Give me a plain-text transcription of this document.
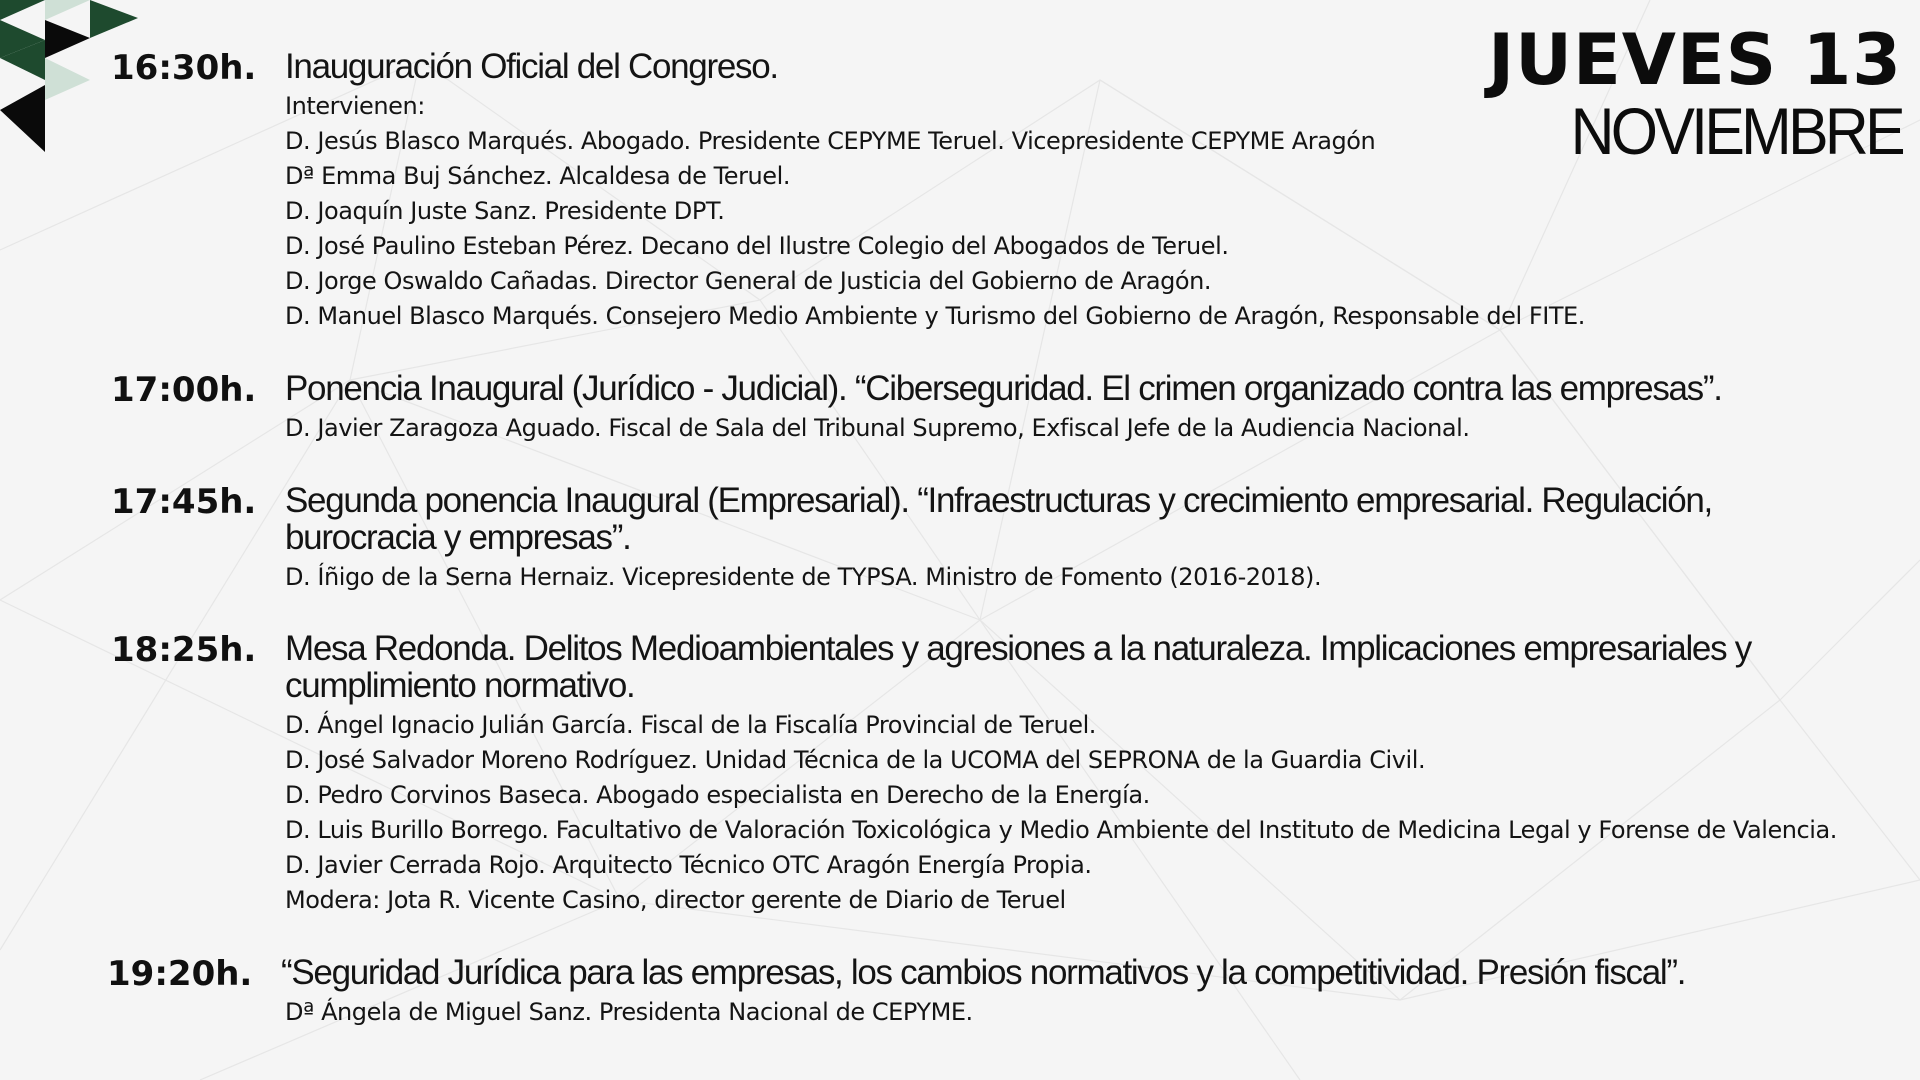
JUEVES 13
NOVIEMBRE
16:30h. Inauguración Oficial del Congreso.
Intervienen:
D. Jesús Blasco Marqués. Abogado. Presidente CEPYME Teruel. Vicepresidente CEPYME Aragón
Dª Emma Buj Sánchez. Alcaldesa de Teruel.
D. Joaquín Juste Sanz. Presidente DPT.
D. José Paulino Esteban Pérez. Decano del Ilustre Colegio del Abogados de Teruel.
D. Jorge Oswaldo Cañadas. Director General de Justicia del Gobierno de Aragón.
D. Manuel Blasco Marqués. Consejero Medio Ambiente y Turismo del Gobierno de Aragón, Responsable del FITE.
17:00h. Ponencia Inaugural (Jurídico - Judicial). “Ciberseguridad. El crimen organizado contra las empresas”.
D. Javier Zaragoza Aguado. Fiscal de Sala del Tribunal Supremo, Exfiscal Jefe de la Audiencia Nacional.
17:45h. Segunda ponencia Inaugural (Empresarial). “Infraestructuras y crecimiento empresarial. Regulación, burocracia y empresas”.
D. Íñigo de la Serna Hernaiz. Vicepresidente de TYPSA. Ministro de Fomento (2016-2018).
18:25h. Mesa Redonda. Delitos Medioambientales y agresiones a la naturaleza. Implicaciones empresariales y cumplimiento normativo.
D. Ángel Ignacio Julián García. Fiscal de la Fiscalía Provincial de Teruel.
D. José Salvador Moreno Rodríguez. Unidad Técnica de la UCOMA del SEPRONA de la Guardia Civil.
D. Pedro Corvinos Baseca. Abogado especialista en Derecho de la Energía.
D. Luis Burillo Borrego. Facultativo de Valoración Toxicológica y Medio Ambiente del Instituto de Medicina Legal y Forense de Valencia.
D. Javier Cerrada Rojo. Arquitecto Técnico OTC Aragón Energía Propia.
Modera: Jota R. Vicente Casino, director gerente de Diario de Teruel
19:20h. “Seguridad Jurídica para las empresas, los cambios normativos y la competitividad. Presión fiscal”.
Dª Ángela de Miguel Sanz. Presidenta Nacional de CEPYME.
